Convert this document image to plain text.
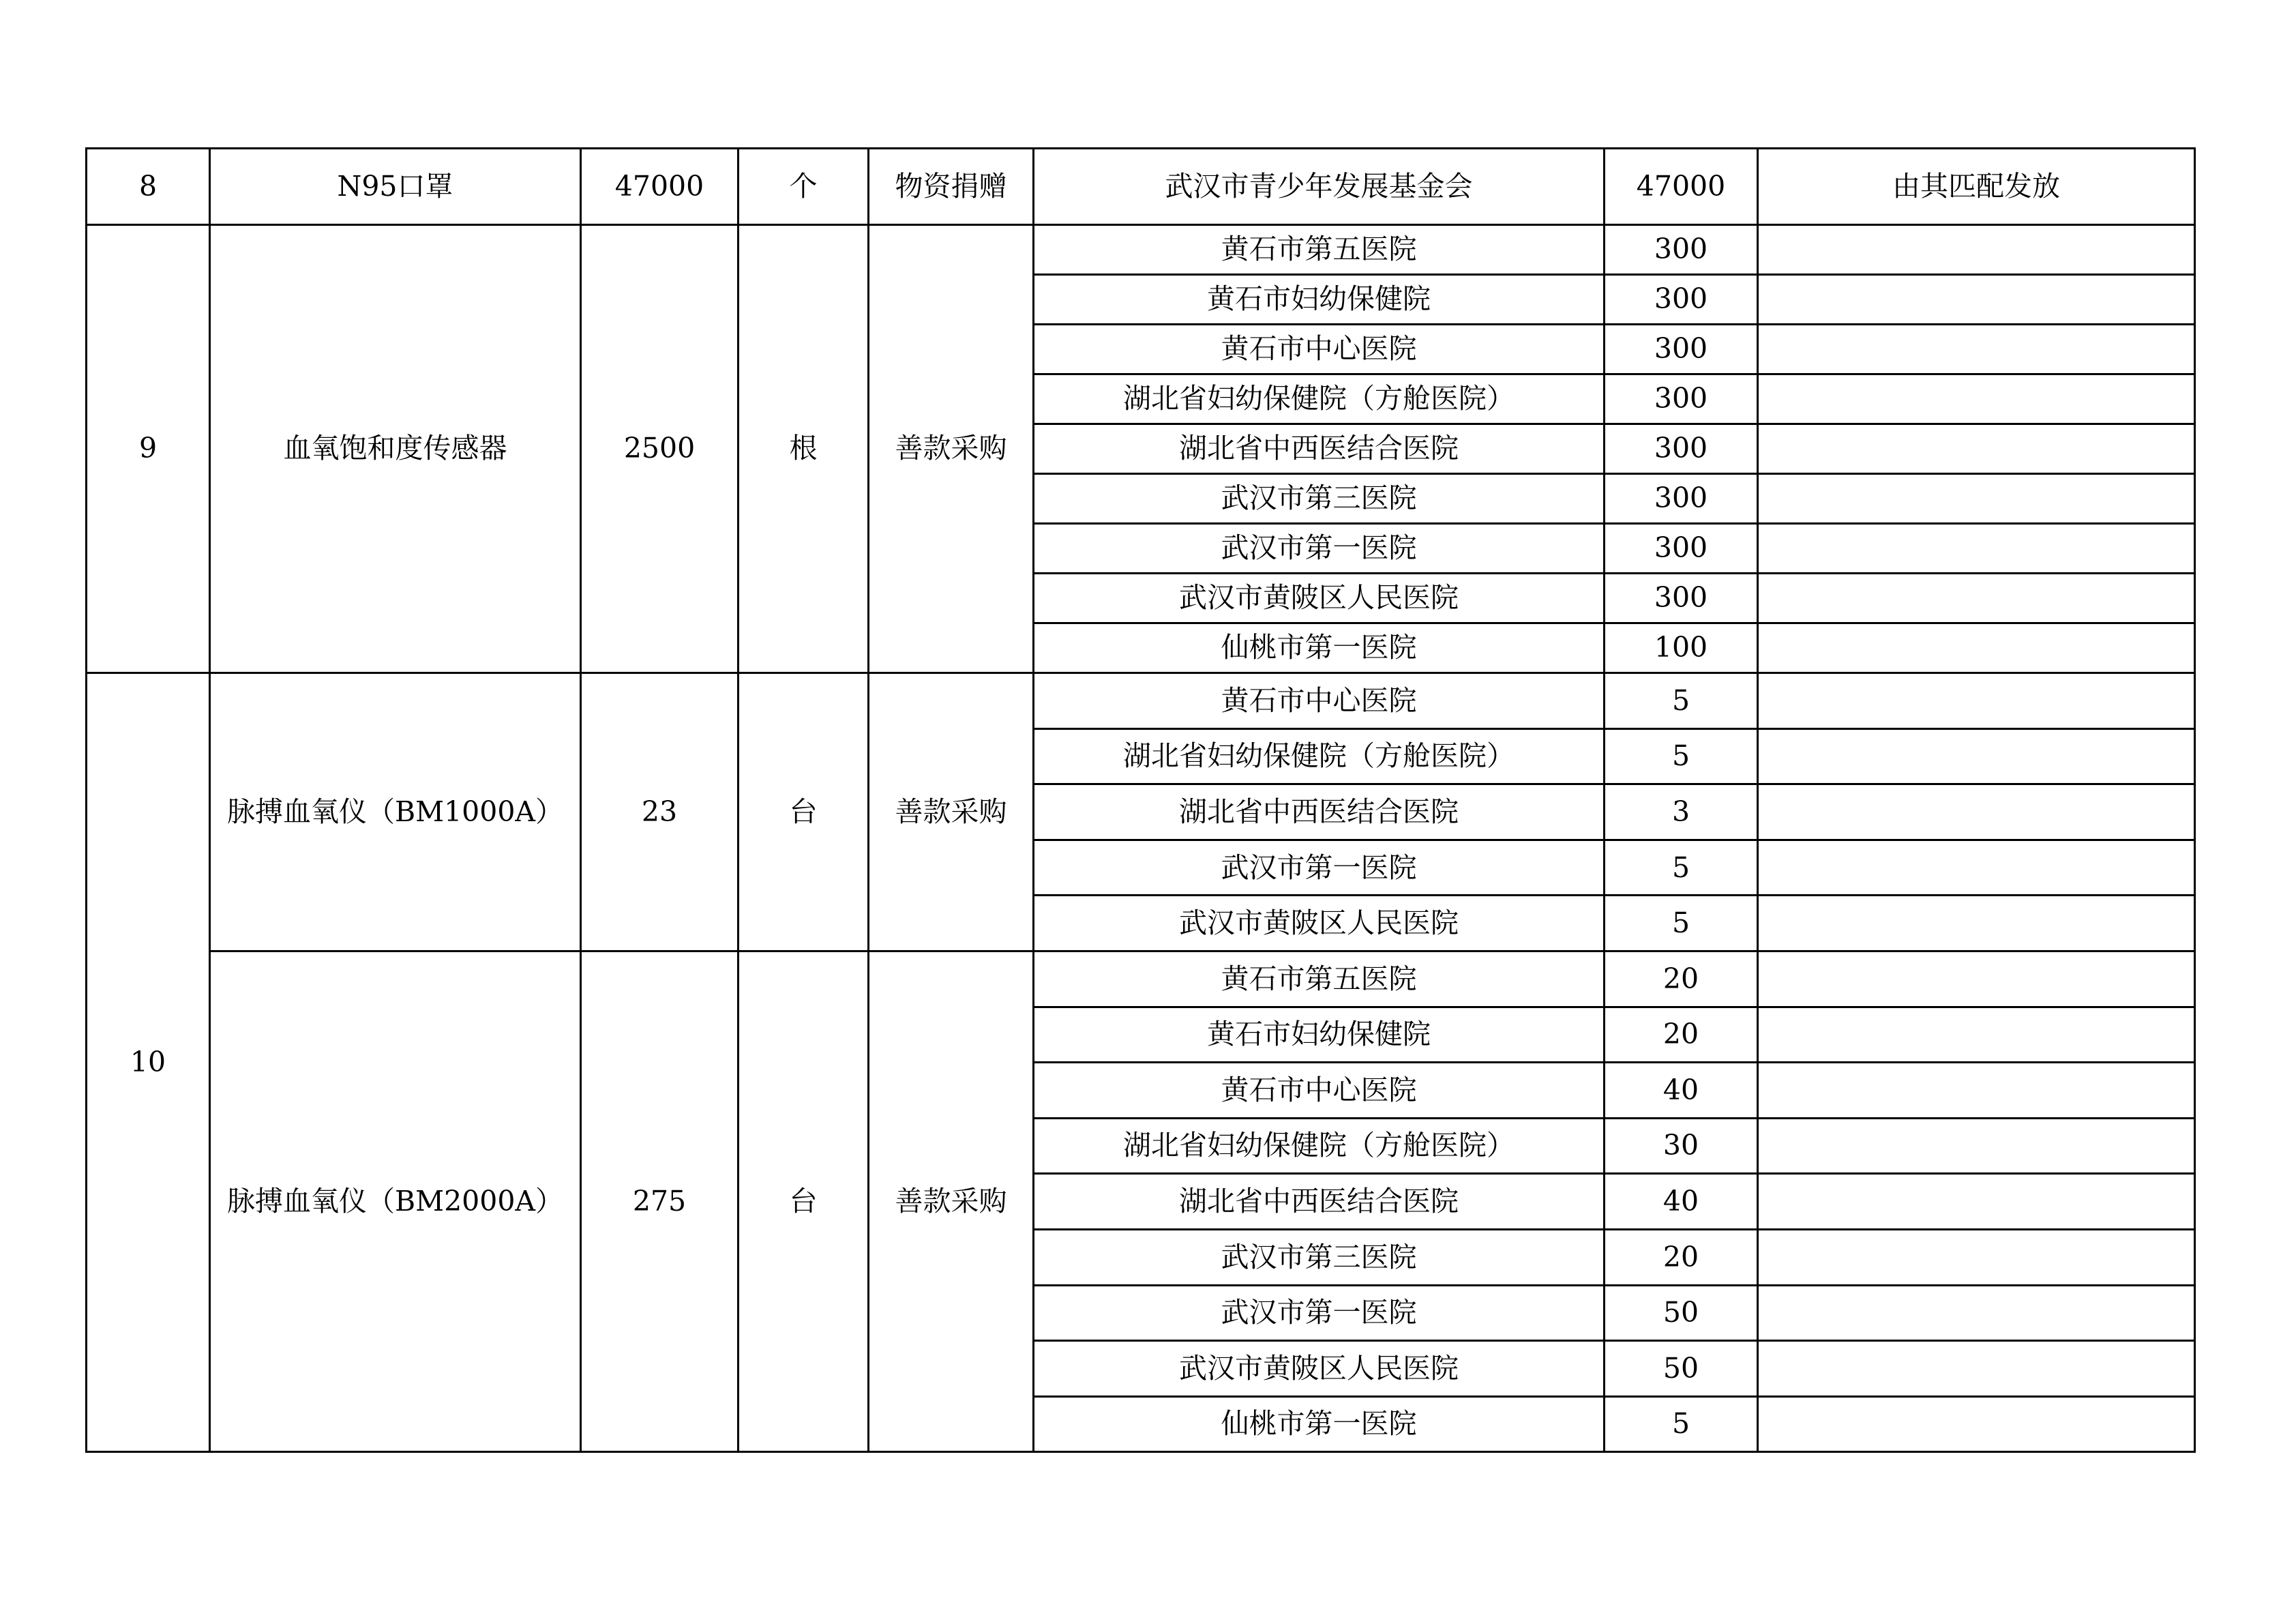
8	N95口罩	47000	个	物资捐赠	武汉市青少年发展基金会	47000	由其匹配发放
9	血氧饱和度传感器	2500	根	善款采购	黄石市第五医院	300	
					黄石市妇幼保健院	300	
					黄石市中心医院	300	
					湖北省妇幼保健院（方舱医院）	300	
					湖北省中西医结合医院	300	
					武汉市第三医院	300	
					武汉市第一医院	300	
					武汉市黄陂区人民医院	300	
					仙桃市第一医院	100	
10	脉搏血氧仪（BM1000A）	23	台	善款采购	黄石市中心医院	5	
					湖北省妇幼保健院（方舱医院）	5	
					湖北省中西医结合医院	3	
					武汉市第一医院	5	
					武汉市黄陂区人民医院	5	
	脉搏血氧仪（BM2000A）	275	台	善款采购	黄石市第五医院	20	
					黄石市妇幼保健院	20	
					黄石市中心医院	40	
					湖北省妇幼保健院（方舱医院）	30	
					湖北省中西医结合医院	40	
					武汉市第三医院	20	
					武汉市第一医院	50	
					武汉市黄陂区人民医院	50	
					仙桃市第一医院	5	
